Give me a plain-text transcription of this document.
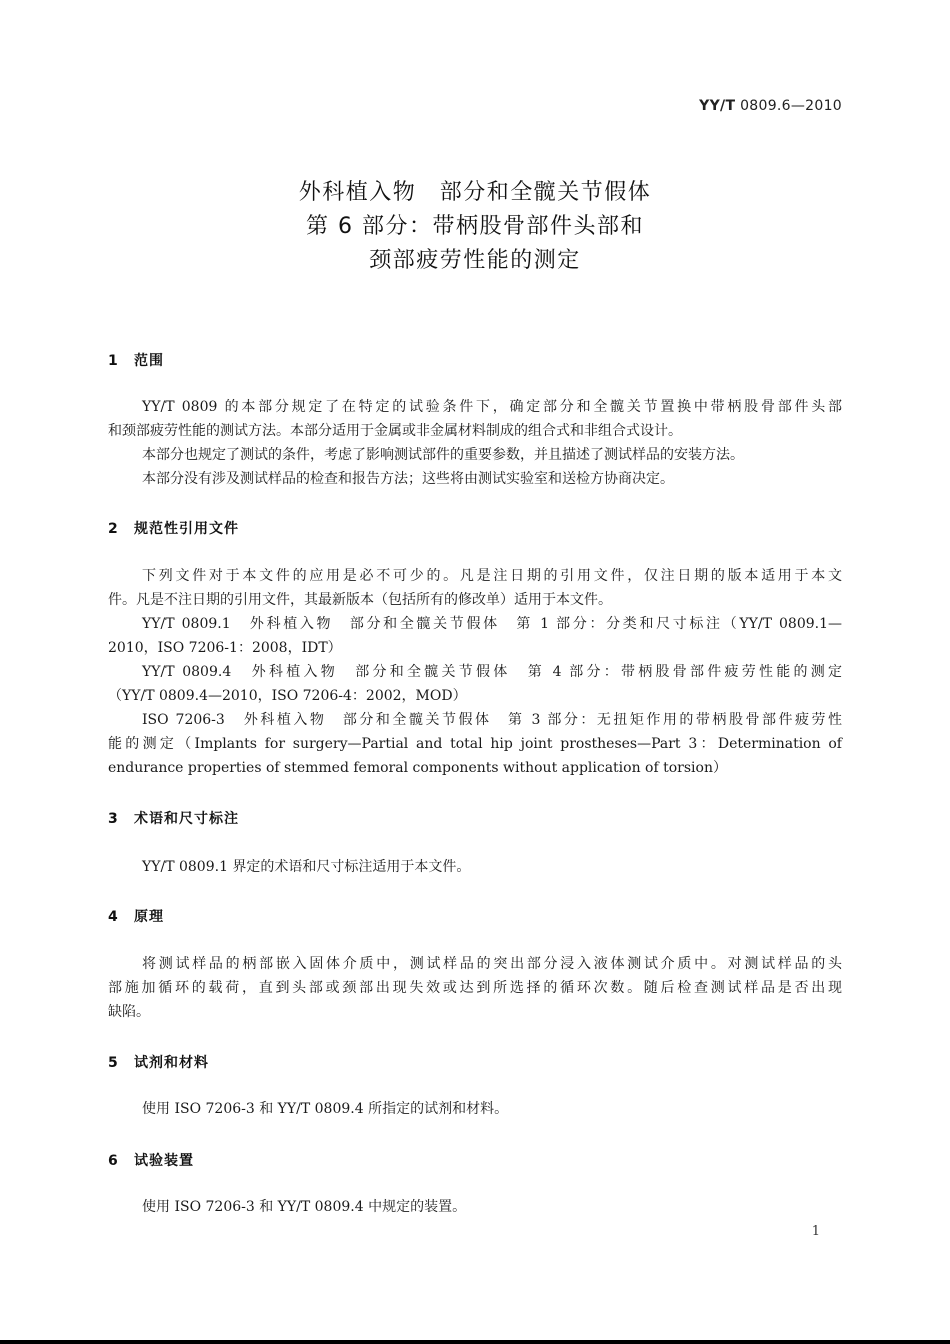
YY/T 0809.6—2010
外科植入物　部分和全髋关节假体
第 6 部分：带柄股骨部件头部和
颈部疲劳性能的测定
1 范围
YY/T 0809 的本部分规定了在特定的试验条件下，确定部分和全髋关节置换中带柄股骨部件头部
和颈部疲劳性能的测试方法。本部分适用于金属或非金属材料制成的组合式和非组合式设计。
本部分也规定了测试的条件，考虑了影响测试部件的重要参数，并且描述了测试样品的安装方法。
本部分没有涉及测试样品的检查和报告方法；这些将由测试实验室和送检方协商决定。
2 规范性引用文件
下列文件对于本文件的应用是必不可少的。凡是注日期的引用文件，仅注日期的版本适用于本文
件。凡是不注日期的引用文件，其最新版本（包括所有的修改单）适用于本文件。
YY/T 0809.1　外科植入物　部分和全髋关节假体　第 1 部分：分类和尺寸标注（YY/T 0809.1—
2010，ISO 7206-1：2008，IDT）
YY/T 0809.4　外科植入物　部分和全髋关节假体　第 4 部分：带柄股骨部件疲劳性能的测定
（YY/T 0809.4—2010，ISO 7206-4：2002，MOD）
ISO 7206-3　外科植入物　部分和全髋关节假体　第 3 部分：无扭矩作用的带柄股骨部件疲劳性
能的测定（Implants for surgery—Partial and total hip joint prostheses—Part 3：Determination of
endurance properties of stemmed femoral components without application of torsion）
3 术语和尺寸标注
YY/T 0809.1 界定的术语和尺寸标注适用于本文件。
4 原理
将测试样品的柄部嵌入固体介质中，测试样品的突出部分浸入液体测试介质中。对测试样品的头
部施加循环的载荷，直到头部或颈部出现失效或达到所选择的循环次数。随后检查测试样品是否出现
缺陷。
5 试剂和材料
使用 ISO 7206-3 和 YY/T 0809.4 所指定的试剂和材料。
6 试验装置
使用 ISO 7206-3 和 YY/T 0809.4 中规定的装置。
1
